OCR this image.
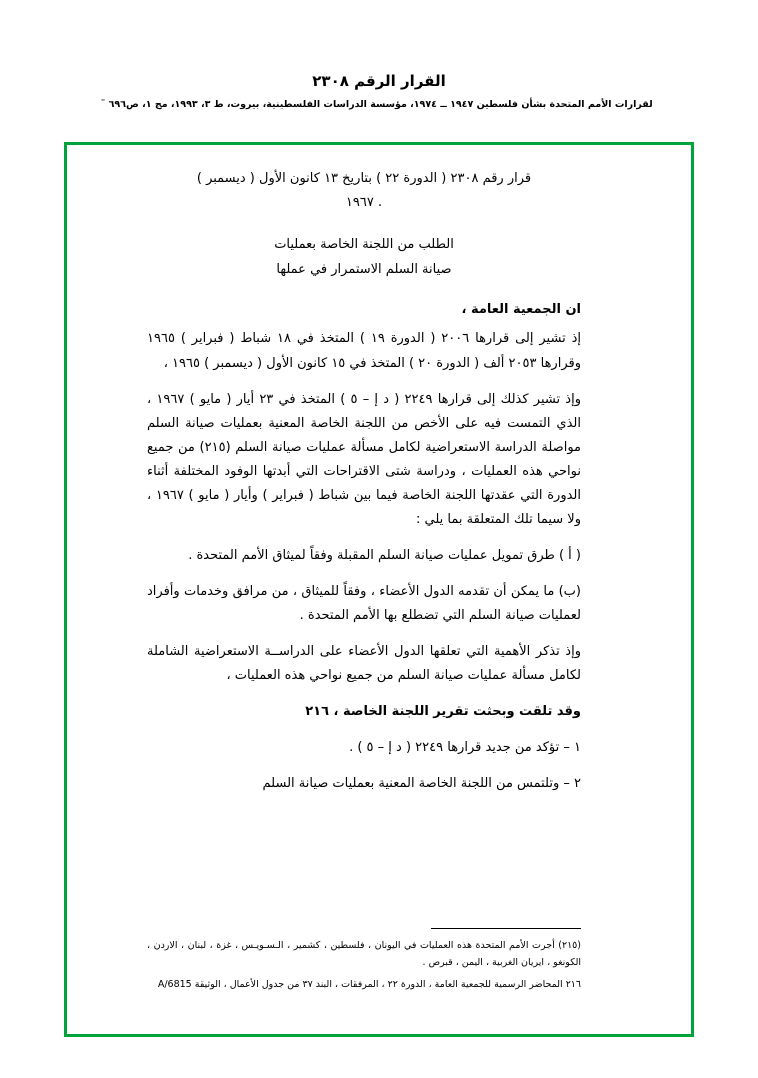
القرار الرقم ٢٣٠٨
لقرارات الأمم المتحدة بشأن فلسطين ١٩٤٧ ــ ١٩٧٤، مؤسسة الدراسات الفلسطينية، بيروت، ط ٣، ١٩٩٣، مج ١، ص٦٩٦ ̈
قرار رقم ٢٣٠٨ ( الدورة ٢٢ ) بتاريخ ١٣ كانون الأول ( ديسمبر )
. ١٩٦٧
الطلب من اللجنة الخاصة بعمليات
صيانة السلم الاستمرار في عملها
ان الجمعية العامة ،

إذ تشير إلى قرارها ٢٠٠٦ ( الدورة ١٩ ) المتخذ في ١٨ شباط ( فبراير ) ١٩٦٥ وقرارها ٢٠٥٣ ألف ( الدورة ٢٠ ) المتخذ في ١٥ كانون الأول ( ديسمبر ) ١٩٦٥ ،

وإذ تشير كذلك إلى قرارها ٢٢٤٩ ( د إ – ٥ ) المتخذ في ٢٣ أيار ( مايو ) ١٩٦٧ ، الذي التمست فيه على الأخص من اللجنة الخاصة المعنية بعمليات صيانة السلم مواصلة الدراسة الاستعراضية لكامل مسألة عمليات صيانة السلم (٢١٥) من جميع نواحي هذه العمليات ، ودراسة شتى الاقتراحات التي أبدتها الوفود المختلفة أثناء الدورة التي عقدتها اللجنة الخاصة فيما بين شباط ( فبراير ) وأيار ( مايو ) ١٩٦٧ ، ولا سيما تلك المتعلقة بما يلي :

( أ ) طرق تمويل عمليات صيانة السلم المقبلة وفقاً لميثاق الأمم المتحدة .

(ب) ما يمكن أن تقدمه الدول الأعضاء ، وفقاً للميثاق ، من مرافق وخدمات وأفراد لعمليات صيانة السلم التي تضطلع بها الأمم المتحدة .

وإذ تذكر الأهمية التي تعلقها الدول الأعضاء على الدراســة الاستعراضية الشاملة لكامل مسألة عمليات صيانة السلم من جميع نواحي هذه العمليات ،

وقد تلقت وبحثت تقرير اللجنة الخاصة ، ٢١٦

١ – تؤكد من جديد قرارها ٢٢٤٩ ( د إ – ٥ ) .

٢ – وتلتمس من اللجنة الخاصة المعنية بعمليات صيانة السلم

(٢١٥) أجرت الأمم المتحدة هذه العمليات في اليونان ، فلسطين ، كشمير ، الـسـويـس ، غزة ، لبنان ، الاردن ، الكونغو ، ايريان الغربية ، اليمن ، قبرص .
٢١٦ المحاضر الرسمية للجمعية العامة ، الدورة ٢٢ ، المرفقات ، البند ٣٧ من جدول الأعمال ، الوثيقة A/6815
